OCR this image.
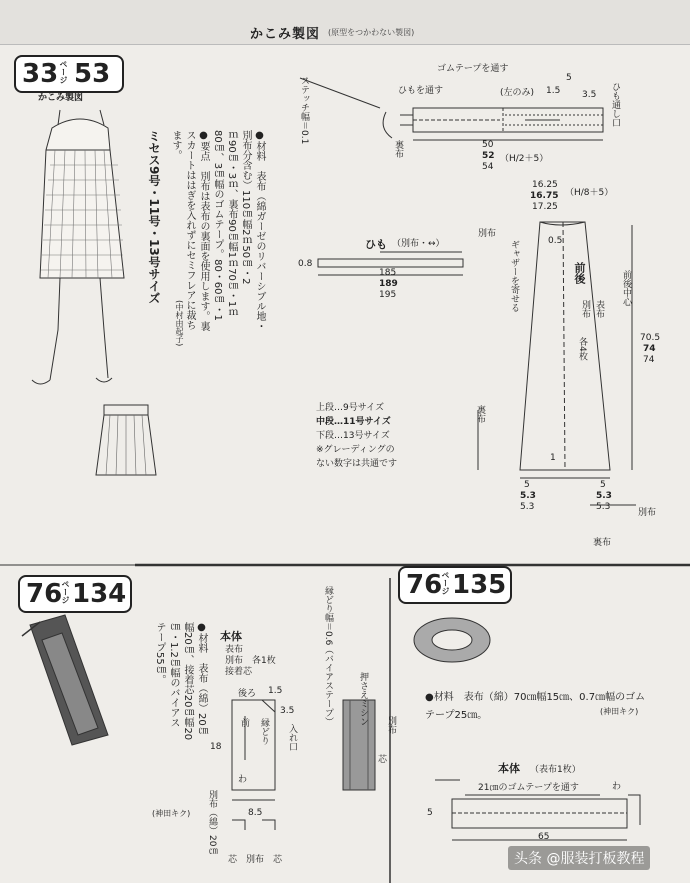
かこみ製図 (原型をつかわない製図)
33 ページ 53
かこみ製図
ミセス9号・11号・13号サイズ	●材料　表布（綿ガーゼのリバーシブル地・
別布分含む）110㎝幅2ｍ50㎝・2
ｍ90㎝・3ｍ、裏布90㎝幅1ｍ70㎝・1ｍ
80㎝、3㎝幅のゴムテープ。80・60㎝・1
●要点　別布は表布の裏面を使用します。裏
スカートははぎを入れずにセミフレアに裁ち
ます。
(中村由起子)
ステッチ幅＝0.1
ゴムテープを通す
ひもを通す	(左のみ)
5
1.5 3.5	ひも通し口
50
52
54
（H/2＋5）
裏布
ひも （別布・↔）
0.8
185
189
195
16.25
16.75
17.25
（H/8＋5）
別布
0.5
ギャザーを寄せる	前後
表布
別布
各4枚
前後中心
70.5
74
74
1
5
5.3
5.3
5
5.3
5.3
別布
裏布
裏布
上段…9号サイズ
中段…11号サイズ
下段…13号サイズ
※グレーディングの
ない数字は共通です
76
ページ 134
●材料　表布（綿）20㎝
幅20㎝、接着芯20㎝幅20
㎝・1.2㎝幅のバイアス
テープ55㎝。
別布（綿）20㎝
(神田キク)
本体
表布
別布　各1枚
接着芯
後ろ 1.5
3.5
前	縁どり
わ
入れ口
18
8.5
芯　別布　芯
縁どり幅＝0.6（バイアステープ）	押さえミシン	別布
芯
76
ページ 135
●材料　表布（綿）70㎝幅15㎝、0.7㎝幅のゴム
テープ25㎝。	(神田キク)
本体 （表布1枚）
21㎝のゴムテープを通す	わ
5
65
头条 @服装打板教程
